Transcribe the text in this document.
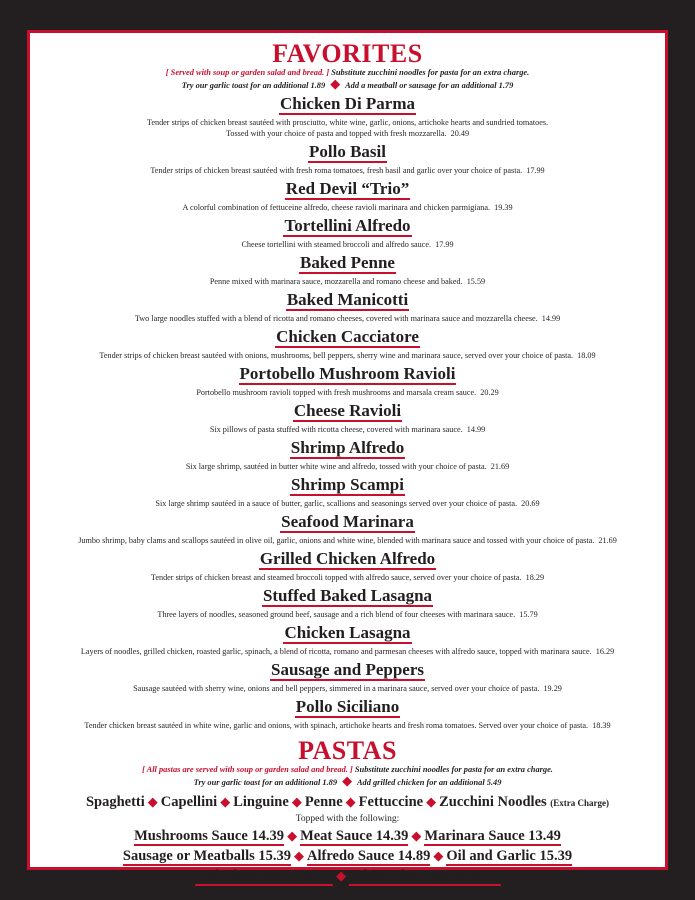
FAVORITES

[ Served with soup or garden salad and bread. ] Substitute zucchini noodles for pasta for an extra charge.

Try our garlic toast for an additional 1.89 ◆ Add a meatball or sausage for an additional 1.79

Chicken Di Parma

Tender strips of chicken breast sautéed with prosciutto, white wine, garlic, onions, artichoke hearts and sundried tomatoes.

Tossed with your choice of pasta and topped with fresh mozzarella. 20.49

Pollo Basil

Tender strips of chicken breast sautéed with fresh roma tomatoes, fresh basil and garlic over your choice of pasta. 17.99

Red Devil “Trio”

A colorful combination of fettuceine alfredo, cheese ravioli marinara and chicken parmigiana. 19.39

Tortellini Alfredo

Cheese tortellini with steamed broccoli and alfredo sauce. 17.99

Baked Penne

Penne mixed with marinara sauce, mozzarella and romano cheese and baked. 15.59

Baked Manicotti

Two large noodles stuffed with a blend of ricotta and romano cheeses, covered with marinara sauce and mozzarella cheese. 14.99

Chicken Cacciatore

Tender strips of chicken breast sautéed with onions, mushrooms, bell peppers, sherry wine and marinara sauce, served over your choice of pasta. 18.09

Portobello Mushroom Ravioli

Portobello mushroom ravioli topped with fresh mushrooms and marsala cream sauce. 20.29

Cheese Ravioli

Six pillows of pasta stuffed with ricotta cheese, covered with marinara sauce. 14.99

Shrimp Alfredo

Six large shrimp, sautéed in butter white wine and alfredo, tossed with your choice of pasta. 21.69

Shrimp Scampi

Six large shrimp sautéed in a sauce of butter, garlic, scallions and seasonings served over your choice of pasta. 20.69

Seafood Marinara

Jumbo shrimp, baby clams and scallops sautéed in olive oil, garlic, onions and white wine, blended with marinara sauce and tossed with your choice of pasta. 21.69

Grilled Chicken Alfredo

Tender strips of chicken breast and steamed broccoli topped with alfredo sauce, served over your choice of pasta. 18.29

Stuffed Baked Lasagna

Three layers of noodles, seasoned ground beef, sausage and a rich blend of four cheeses with marinara sauce. 15.79

Chicken Lasagna

Layers of noodles, grilled chicken, roasted garlic, spinach, a blend of ricotta, romano and parmesan cheeses with alfredo sauce, topped with marinara sauce. 16.29

Sausage and Peppers

Sausage sautéed with sherry wine, onions and bell peppers, simmered in a marinara sauce, served over your choice of pasta. 19.29

Pollo Siciliano

Tender chicken breast sautéed in white wine, garlic and onions, with spinach, artichoke hearts and fresh roma tomatoes. Served over your choice of pasta. 18.39

PASTAS

[ All pastas are served with soup or garden salad and bread. ] Substitute zucchini noodles for pasta for an extra charge.

Try our garlic toast for an additional 1.89 ◆ Add grilled chicken for an additional 5.49

Spaghetti ◆ Capellini ◆ Linguine ◆ Penne ◆ Fettuccine ◆ Zucchini Noodles (Extra Charge)
Topped with the following:
Mushrooms Sauce 14.39 ◆ Meat Sauce 14.39 ◆ Marinara Sauce 13.49
Sausage or Meatballs 15.39 ◆ Alfredo Sauce 14.89 ◆ Oil and Garlic 15.39
Red Clam Sauce 15.49 ◆ White Clam Sauce 15.49
